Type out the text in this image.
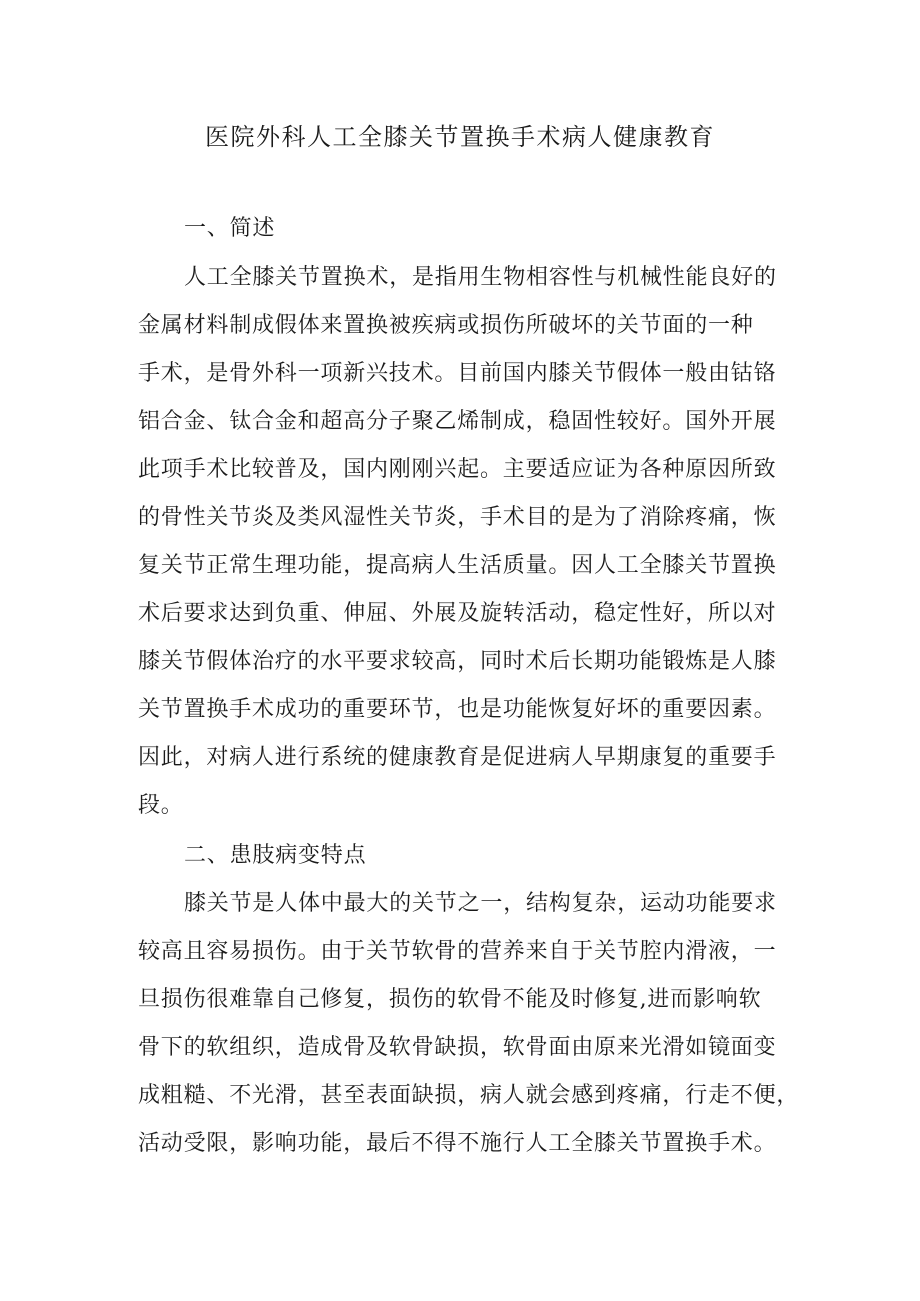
医院外科人工全膝关节置换手术病人健康教育
一、简述
人工全膝关节置换术，是指用生物相容性与机械性能良好的
金属材料制成假体来置换被疾病或损伤所破坏的关节面的一种
手术，是骨外科一项新兴技术。目前国内膝关节假体一般由钴铬
铝合金、钛合金和超高分子聚乙烯制成，稳固性较好。国外开展
此项手术比较普及，国内刚刚兴起。主要适应证为各种原因所致
的骨性关节炎及类风湿性关节炎，手术目的是为了消除疼痛，恢
复关节正常生理功能，提高病人生活质量。因人工全膝关节置换
术后要求达到负重、伸屈、外展及旋转活动，稳定性好，所以对
膝关节假体治疗的水平要求较高，同时术后长期功能锻炼是人膝
关节置换手术成功的重要环节，也是功能恢复好坏的重要因素。
因此，对病人进行系统的健康教育是促进病人早期康复的重要手
段。
二、患肢病变特点
膝关节是人体中最大的关节之一，结构复杂，运动功能要求
较高且容易损伤。由于关节软骨的营养来自于关节腔内滑液，一
旦损伤很难靠自己修复，损伤的软骨不能及时修复,进而影响软
骨下的软组织，造成骨及软骨缺损，软骨面由原来光滑如镜面变
成粗糙、不光滑，甚至表面缺损，病人就会感到疼痛，行走不便，
活动受限，影响功能，最后不得不施行人工全膝关节置换手术。
